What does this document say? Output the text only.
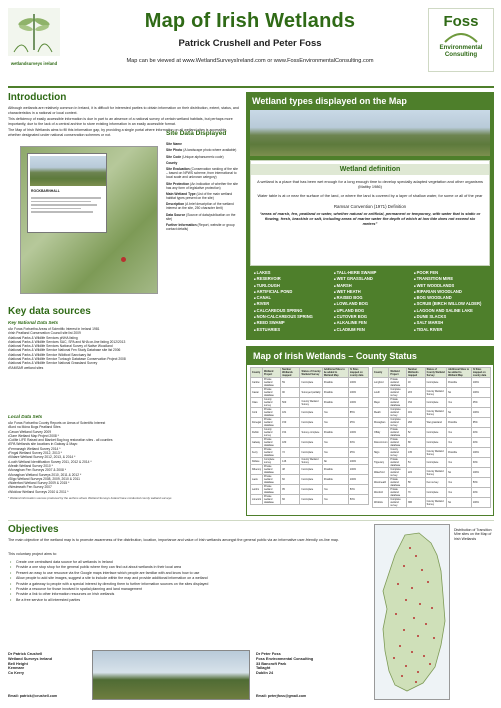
wetlandsurveys ireland
Map of Irish Wetlands
Patrick Crushell and Peter Foss
Map can be viewed at www.WetlandSurveysIreland.com or www.FossEnvironmentalConsulting.com
Foss
Environmental Consulting
Introduction

Although wetlands are relatively common in Ireland, it is difficult for interested parties to obtain information on their distribution, extent, status, and characteristics in a national or local context.

This deficiency of easily accessible information is due in part to an absence of a national survey of certain wetland habitats, but perhaps more importantly, due to the lack of a central archive to store existing information in an easily accessible format.

The Map of Irish Wetlands aims to fill this information gap, by providing a single portal where information on all wetland sites is accessible, whether designated under national conservation schemes or not.

ROCKBARNHALL
Site Data Displayed
Site Name
Site Photo (A landscape photo where available)
Site Code (Unique alphanumeric code)
County
Site Evaluation (Conservation ranking of the site – based on NPWS scheme, from international to local scale and unknown category)
Site Protection (An indication of whether the site has any form of legislative protection)
Main Wetland Type (List of the main wetland habitat types present on the site)
Description (A brief description of the wetland interest on the site, 250 character limit)
Data Source (Source of data/publication on the site)
Further Information (Report, website or group contact details)
Key data sources
Key National Data Sets
•An Foras Forbartha Areas of Scientific Interest in Ireland 1981
•Irish Peatland Conservation Council site list 2009
•National Parks & Wildlife Services pNHA listing
•National Parks & Wildlife Services SAC, SPA and NHA on-line listing 2012/2013
•National Parks & Wildlife Services National Survey of Native Woodland
•National Parks & Wildlife Service National Fen Study Database site list 2006
•National Parks & Wildlife Service Wildfowl Sanctuary list
•National Parks & Wildlife Service Turlough Database Conservation Project 2008
•National Parks & Wildlife Service National Grassland Survey
•RAMSAR wetland sites
Local Data Sets
•An Foras Forbartha County Reports on Areas of Scientific Interest
•Bord na Móna Bogs Peatland Sites
•Cavan Wetland Survey 2009
•Clare Wetland Map Project 2008 *
•Coillte LIFE Raised and Blanket Bog bog restoration sites - all counties
•EPA Wetlands site locations in Galway & Mayo
•Fermanagh Wetland Survey 2014 *
•Fingal Wetland Survey 2012, 2013 *
•Kildare Wetland Survey 2012, 2013, & 2014 *
•Louth Wetland Identification Survey 2011, 2012 & 2014 *
•Meath Wetland Survey 2010 *
•Monaghan Fen Surveys 2007 & 2008 *
•Monaghan Wetland Surveys 2010, 2011 & 2012 *
•Sligo Wetland Surveys 2008, 2009, 2010 & 2011
•Waterford Wetland Survey 2009 & 2015 *
•Westmeath Fen Survey 2007
•Wicklow Wetland Surveys 2010 & 2011 *
* Wetland information sources produced by the authors where Wetland Surveys Ireland have conducted county wetland surveys
Wetland types displayed on the Map
Wetland definition
A wetland is a place that has been wet enough for a long enough time to develop specially adapted vegetation and other organisms (Maltby 1986)
Water table is at or near the surface of the land, or where the land is covered by a layer of shallow water, for some or all of the year
Ramsar Convention (1971) Definition
“areas of marsh, fen, peatland or water, whether natural or artificial, permanent or temporary, with water that is static or flowing, fresh, brackish or salt, including areas of marine water the depth of which at low tide does not exceed six meters”
■ LAKES
■ RESERVOIR
■ TURLOUGH
■ ARTIFICIAL POND
■ CANAL
■ RIVER
■ CALCAREOUS SPRING
■ NON-CALCAREOUS SPRING
■ REED SWAMP
■ ESTUARIES
■ TALL-HERB SWAMP
■ WET GRASSLAND
■ MARSH
■ WET HEATH
■ RAISED BOG
■ LOWLAND BOG
■ UPLAND BOG
■ CUTOVER BOG
■ ALKALINE FEN
■ CLADIUM FEN
■ POOR FEN
■ TRANSITION MIRE
■ WET WOODLANDS
■ RIPARIAN WOODLAND
■ BOG WOODLAND
■ SCRUB (BIRCH WILLOW ALDER)
■ LAGOON AND SALINE LAKE
■ DUNE SLACKS
■ SALT MARSH
■ TIDAL RIVER
Map of Irish Wetlands – County Status
County	Wetland Project	Number Wetlands mapped	Status of County Wetland Survey	Additional Sites to be added to Wetland Map	% Sites mapped on county data
Carlow	Private wetland database	59	Incomplete	Possible	100%
Cavan	Private wetland database	90	Surveyed partially	Possible	100%
Clare	County wetland survey	500	County Wetland Survey	Possible	100%
Cork	Private wetland database	181	Incomplete	Yes	85%
Donegal	Private wetland database	150	Incomplete	Yes	25%
Dublin	County wetland survey	154	Survey complete	Possible	100%
Galway	Private wetland database	180	Incomplete	Yes	30%
Kerry	Private wetland database	72	Incomplete	Yes	25%
Kildare	Complete survey	146	County Wetland Survey	No	100%
Kilkenny	Private wetland database	48	Incomplete	Possible	100%
Laois	Private wetland database	60	Incomplete	Possible	100%
Leitrim	Private wetland database	95	Incomplete	Yes	50%
Limerick	Private wetland database	66	Incomplete	Yes	50%
County	Wetland Project	Number Wetlands mapped	Status of County Wetland Survey	Additional Sites to be added to Wetland Map	% Sites mapped on county data
Longford	Private wetland database	18	Incomplete	Possible	100%
Louth	Complete wetland survey	215	County Wetland Survey	No	100%
Mayo	Private wetland database	152	Incomplete	Yes	45%
Meath	Complete wetland survey	181	County Wetland Survey	No	100%
Monaghan	Complete wetland survey	266	Wet grassland	Possible	95%
Offaly	Private wetland database	52	Incomplete	Yes	40%
Roscommon	Private wetland database	68	Incomplete	Yes	40%
Sligo	County wetland survey	135	County Wetland Survey	Possible	100%
Tipperary	Private wetland database	54	Incomplete	Yes	30%
Waterford	Complete wetland survey	222	County Wetland Survey	No	100%
Westmeath	Private wetland database	58	Fen survey	Yes	50%
Wexford	Private wetland database	70	Incomplete	Yes	40%
Wicklow	Complete wetland survey	386	County Wetland Survey	No	100%
Objectives
The main objective of the wetland map is to promote awareness of the distribution, location, importance and value of Irish wetlands amongst the general public via an informative user-friendly on-line map.
This voluntary project aims to:
• Create one centralised data source for all wetlands in Ireland
• Provide a one stop shop for the general public where they can find out about wetlands in their local area
• Present an easy to use resource via the Google maps interface which people are familiar with and know how to use
• Allow people to add site images, suggest a site to include within the map and provide additional information on a wetland
• Provide a gateway to people with a special interest by directing them to further information sources on the sites displayed
• Provide a resource for those involved in spatial planning and land management
• Provide a link to other information resources on Irish wetlands
• Be a free service to all interested parties
Distribution of Transition Mire sites on the Map of Irish Wetlands
Dr Patrick Crushell
Wetland Surveys Ireland
Bell Height
Kenmare
Co Kerry
Email: patrick@crushell.com
Dr Peter Foss
Foss Environmental Consulting
33 Bancroft Park
Tallaght
Dublin 24
Email: peterjfoss@gmail.com
